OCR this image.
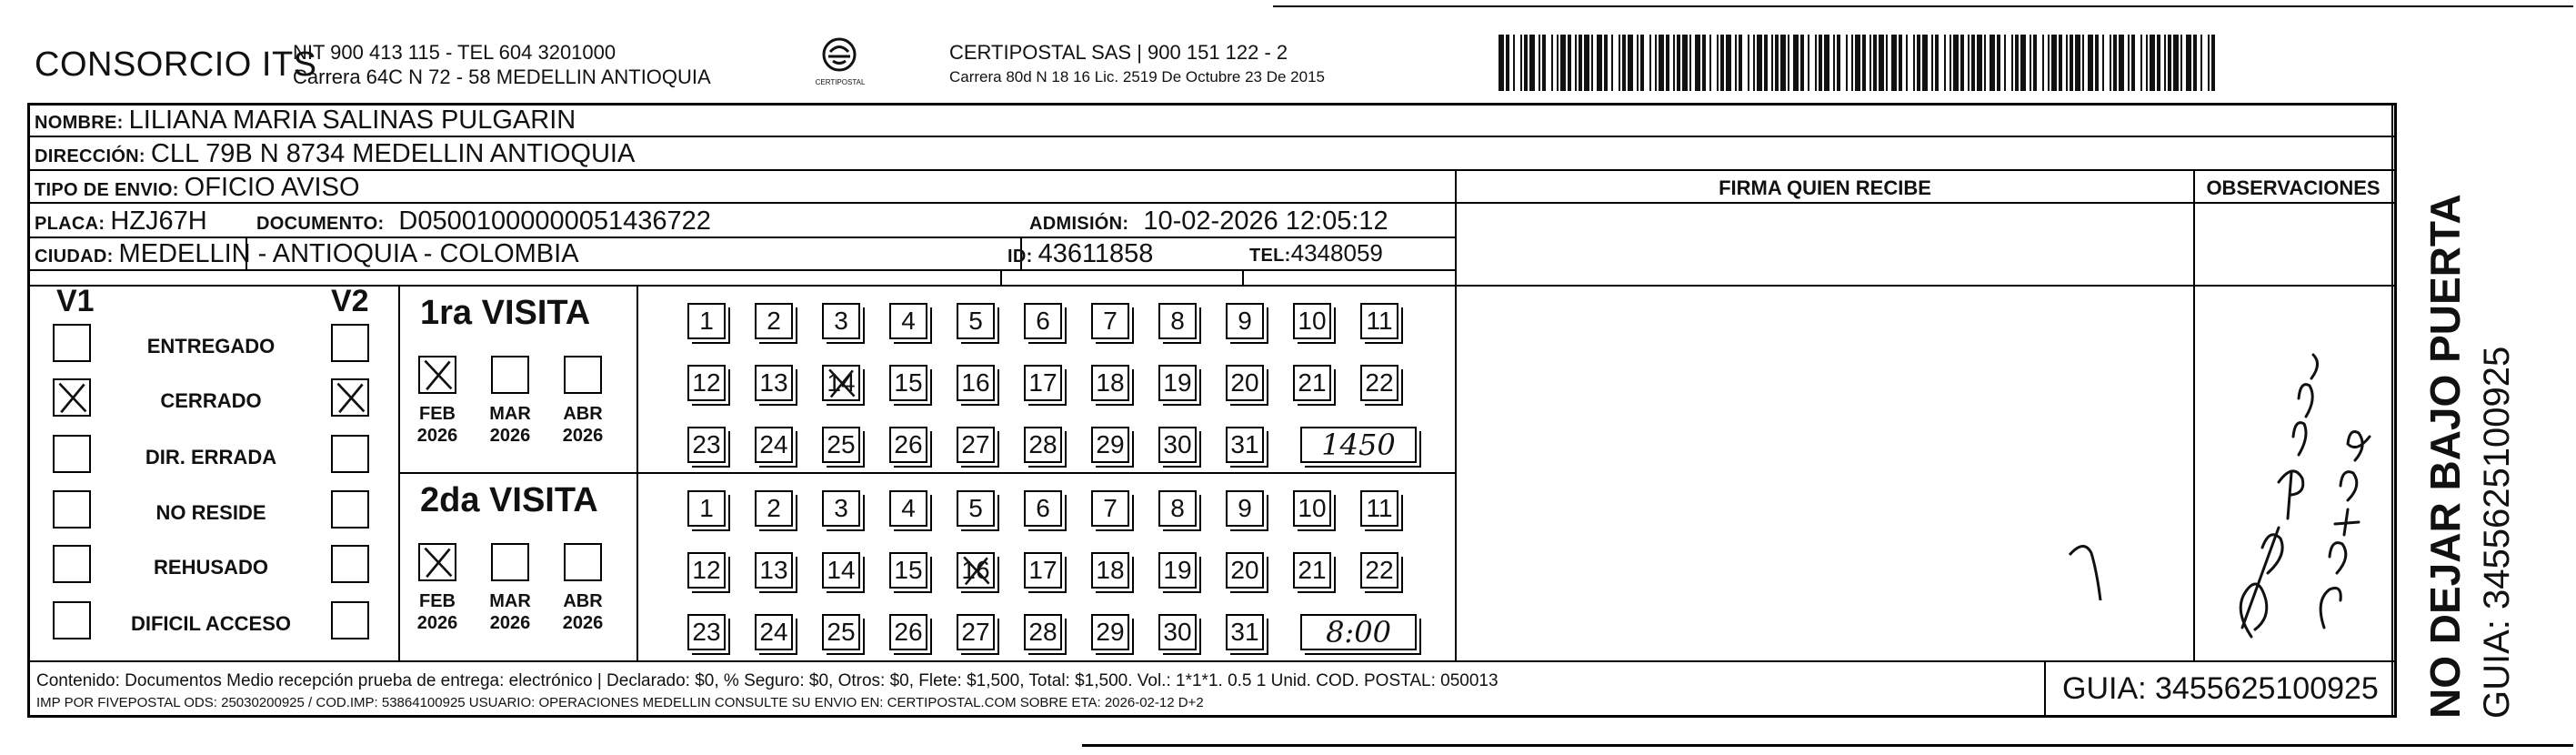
CONSORCIO ITS
NIT 900 413 115 - TEL 604 3201000
Carrera 64C N 72 - 58 MEDELLIN ANTIOQUIA	CERTIPOSTAL
CERTIPOSTAL SAS | 900 151 122 - 2
Carrera 80d N 18 16 Lic. 2519 De Octubre 23 De 2015
NOMBRE: LILIANA MARIA SALINAS PULGARIN
DIRECCIÓN: CLL 79B N 8734 MEDELLIN ANTIOQUIA
TIPO DE ENVIO: OFICIO AVISO
PLACA: HZJ67H	DOCUMENTO: D05001000000051436722	ADMISIÓN: 10-02-2026 12:05:12
CIUDAD: MEDELLIN - ANTIOQUIA - COLOMBIA	ID: 43611858	TEL: 4348059
FIRMA QUIEN RECIBE	OBSERVACIONES
V1	V2
ENTREGADO
CERRADO
DIR. ERRADA
NO RESIDE
REHUSADO
DIFICIL ACCESO
1ra VISITA
FEB
2026
MAR
2026
ABR
2026
1	2	3	4	5	6	7	8	9	10 11
12 13 14 15 16 17 18 19 20 21 22
23 24 25 26 27 28 29 30 31	1450
2da VISITA
FEB
2026
MAR
2026
ABR
2026
1	2	3	4	5	6	7	8	9	10 11
12 13 14 15 16 17 18 19 20 21 22
23 24 25 26 27 28 29 30 31	8:00
Contenido: Documentos Medio recepción prueba de entrega: electrónico | Declarado: $0, % Seguro: $0, Otros: $0, Flete: $1,500, Total: $1,500. Vol.: 1*1*1. 0.5 1 Unid. COD. POSTAL: 050013
IMP POR FIVEPOSTAL ODS: 25030200925 / COD.IMP: 53864100925 USUARIO: OPERACIONES MEDELLIN CONSULTE SU ENVIO EN: CERTIPOSTAL.COM SOBRE ETA: 2026-02-12 D+2	GUIA: 3455625100925 NO DEJAR BAJO PUERTA GUIA: 3455625100925
